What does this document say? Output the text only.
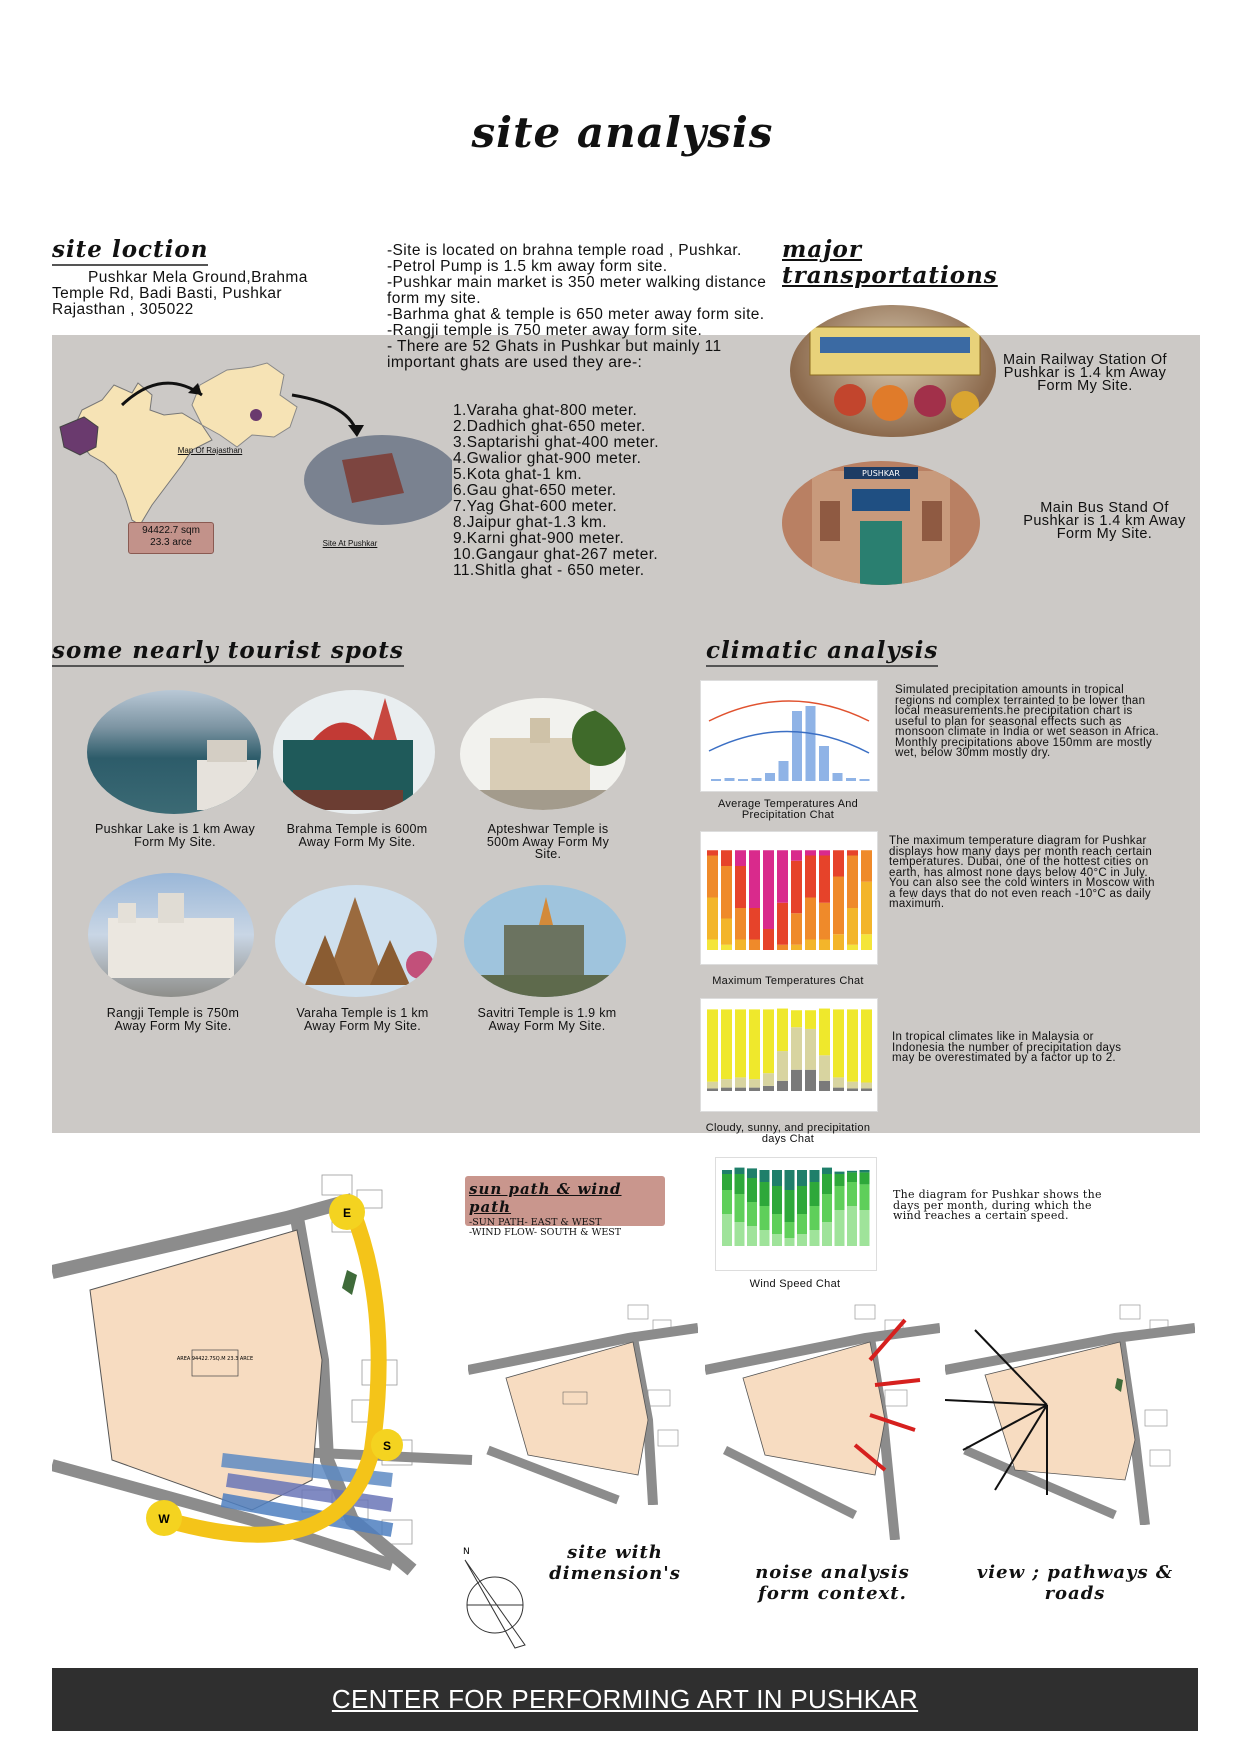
site analysis
site loction
Pushkar Mela Ground,Brahma Temple Rd, Badi Basti, Pushkar Rajasthan , 305022
Map Of Rajasthan
Site At Pushkar
94422.7 sqm
23.3 arce
-Site is located on brahna temple road , Pushkar.
-Petrol Pump is 1.5 km away form site.
-Pushkar main market is 350 meter walking distance form my site.
-Barhma ghat & temple is 650 meter away form site.
-Rangji temple is 750 meter away form site.
- There are 52 Ghats in Pushkar but mainly 11 important ghats are used they are-:
1.Varaha ghat-800 meter.
2.Dadhich ghat-650 meter.
3.Saptarishi ghat-400 meter.
4.Gwalior ghat-900 meter.
5.Kota ghat-1 km.
6.Gau ghat-650 meter.
7.Yag Ghat-600 meter.
8.Jaipur ghat-1.3 km.
9.Karni ghat-900 meter.
10.Gangaur ghat-267 meter.
11.Shitla ghat - 650 meter.
major
transportations
Main Railway Station Of Pushkar is 1.4 km Away Form My Site.
PUSHKAR
Main Bus Stand Of Pushkar is 1.4 km Away Form My Site.
some nearly tourist spots
Pushkar Lake is 1 km Away Form My Site.
Brahma Temple is 600m Away Form My Site.
Apteshwar Temple is 500m Away Form My Site.
Rangji Temple is 750m Away Form My Site.
Varaha Temple is 1 km Away Form My Site.
Savitri Temple is 1.9 km Away Form My Site.
climatic analysis
Average Temperatures And Precipitation Chat
Simulated precipitation amounts in tropical regions nd complex terrainted to be lower than local measurements.he precipitation chart is useful to plan for seasonal effects such as monsoon climate in India or wet season in Africa. Monthly precipitations above 150mm are mostly wet, below 30mm mostly dry.
Maximum Temperatures Chat
The maximum temperature diagram for Pushkar displays how many days per month reach certain temperatures. Dubai, one of the hottest cities on earth, has almost none days below 40°C in July. You can also see the cold winters in Moscow with a few days that do not even reach -10°C as daily maximum.
Cloudy, sunny, and precipitation days Chat
In tropical climates like in Malaysia or Indonesia the number of precipitation days may be overestimated by a factor up to 2.
Wind Speed Chat
The diagram for Pushkar shows the days per month, during which the wind reaches a certain speed.
sun path & wind path
-SUN PATH- EAST & WEST
-WIND FLOW- SOUTH & WEST
AREA 94422.7SQ.M 23.3 ARCE
E
S
W
N	site with dimension's	noise analysis form context.
view ; pathways & roads
CENTER FOR PERFORMING ART IN PUSHKAR
